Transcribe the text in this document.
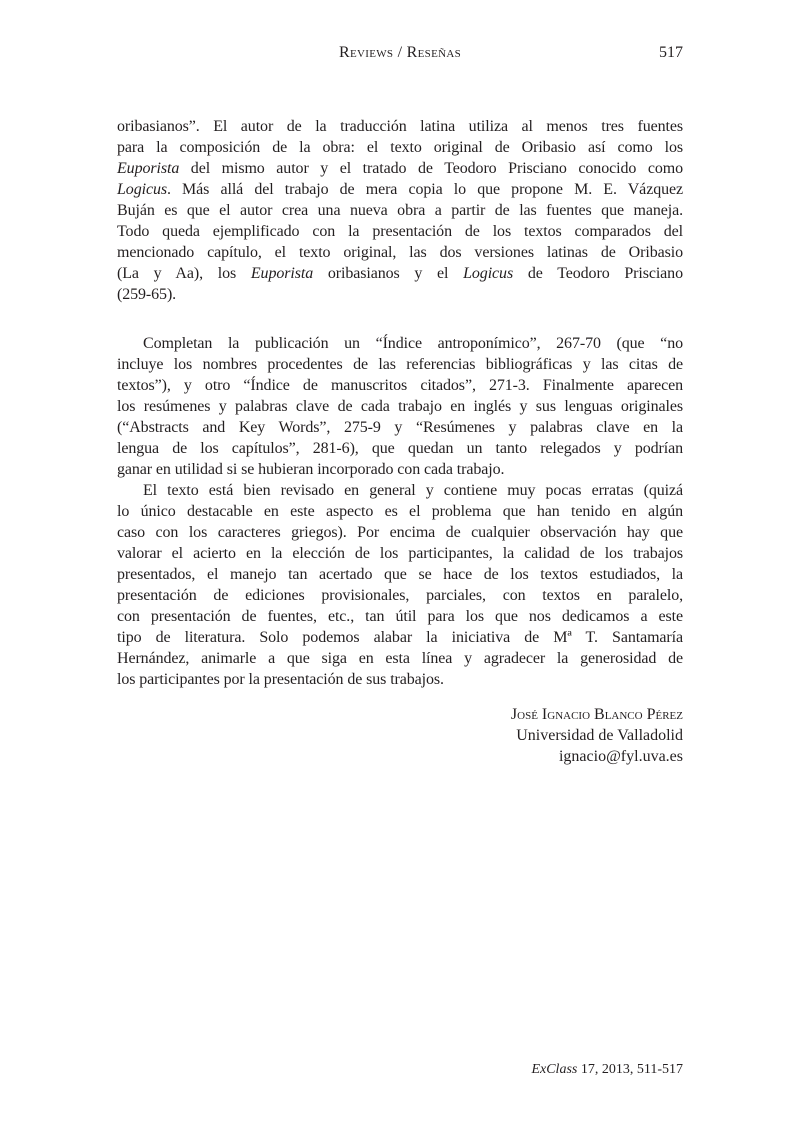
Reviews / Reseñas	517
oribasianos”. El autor de la traducción latina utiliza al menos tres fuentes
para la composición de la obra: el texto original de Oribasio así como los
Euporista del mismo autor y el tratado de Teodoro Prisciano conocido como
Logicus. Más allá del trabajo de mera copia lo que propone M. E. Vázquez
Buján es que el autor crea una nueva obra a partir de las fuentes que maneja.
Todo queda ejemplificado con la presentación de los textos comparados del
mencionado capítulo, el texto original, las dos versiones latinas de Oribasio
(La y Aa), los Euporista oribasianos y el Logicus de Teodoro Prisciano
(259-65).
Completan la publicación un “Índice antroponímico”, 267-70 (que “no
incluye los nombres procedentes de las referencias bibliográficas y las citas de
textos”), y otro “Índice de manuscritos citados”, 271-3. Finalmente aparecen
los resúmenes y palabras clave de cada trabajo en inglés y sus lenguas originales
(“Abstracts and Key Words”, 275-9 y “Resúmenes y palabras clave en la
lengua de los capítulos”, 281-6), que quedan un tanto relegados y podrían
ganar en utilidad si se hubieran incorporado con cada trabajo.
El texto está bien revisado en general y contiene muy pocas erratas (quizá
lo único destacable en este aspecto es el problema que han tenido en algún
caso con los caracteres griegos). Por encima de cualquier observación hay que
valorar el acierto en la elección de los participantes, la calidad de los trabajos
presentados, el manejo tan acertado que se hace de los textos estudiados, la
presentación de ediciones provisionales, parciales, con textos en paralelo,
con presentación de fuentes, etc., tan útil para los que nos dedicamos a este
tipo de literatura. Solo podemos alabar la iniciativa de Mª T. Santamaría
Hernández, animarle a que siga en esta línea y agradecer la generosidad de
los participantes por la presentación de sus trabajos.
José Ignacio Blanco Pérez
Universidad de Valladolid
ignacio@fyl.uva.es
ExClass 17, 2013, 511-517
